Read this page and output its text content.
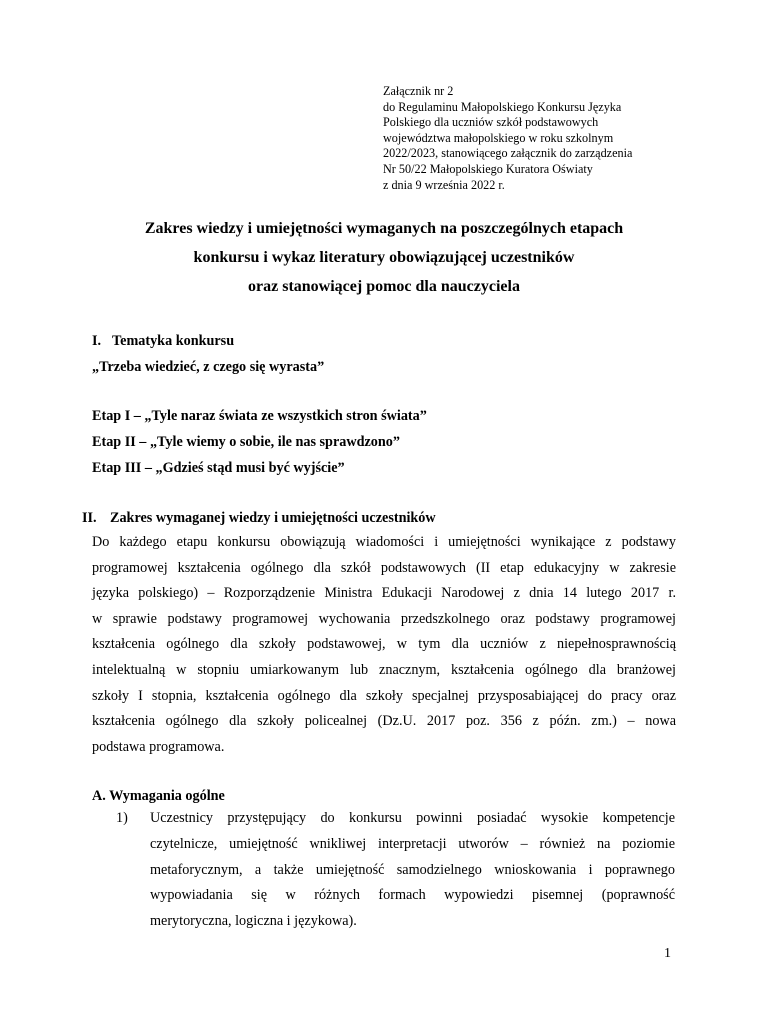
Załącznik nr 2
do Regulaminu Małopolskiego Konkursu Języka
Polskiego dla uczniów szkół podstawowych
województwa małopolskiego w roku szkolnym
2022/2023, stanowiącego załącznik do zarządzenia
Nr 50/22 Małopolskiego Kuratora Oświaty
z dnia 9 września 2022 r.
Zakres wiedzy i umiejętności wymaganych na poszczególnych etapach
konkursu i wykaz literatury obowiązującej uczestników
oraz stanowiącej pomoc dla nauczyciela
I. Tematyka konkursu
„Trzeba wiedzieć, z czego się wyrasta”
Etap I – „Tyle naraz świata ze wszystkich stron świata”
Etap II – „Tyle wiemy o sobie, ile nas sprawdzono”
Etap III – „Gdzieś stąd musi być wyjście”
II. Zakres wymaganej wiedzy i umiejętności uczestników
Do każdego etapu konkursu obowiązują wiadomości i umiejętności wynikające z podstawy
programowej kształcenia ogólnego dla szkół podstawowych (II etap edukacyjny w zakresie
języka polskiego) – Rozporządzenie Ministra Edukacji Narodowej z dnia 14 lutego 2017 r.
w sprawie podstawy programowej wychowania przedszkolnego oraz podstawy programowej
kształcenia ogólnego dla szkoły podstawowej, w tym dla uczniów z niepełnosprawnością
intelektualną w stopniu umiarkowanym lub znacznym, kształcenia ogólnego dla branżowej
szkoły I stopnia, kształcenia ogólnego dla szkoły specjalnej przysposabiającej do pracy oraz
kształcenia ogólnego dla szkoły policealnej (Dz.U. 2017 poz. 356 z późn. zm.) – nowa
podstawa programowa.
A. Wymagania ogólne
1) Uczestnicy przystępujący do konkursu powinni posiadać wysokie kompetencje
czytelnicze, umiejętność wnikliwej interpretacji utworów – również na poziomie
metaforycznym, a także umiejętność samodzielnego wnioskowania i poprawnego
wypowiadania się w różnych formach wypowiedzi pisemnej (poprawność
merytoryczna, logiczna i językowa).
1
